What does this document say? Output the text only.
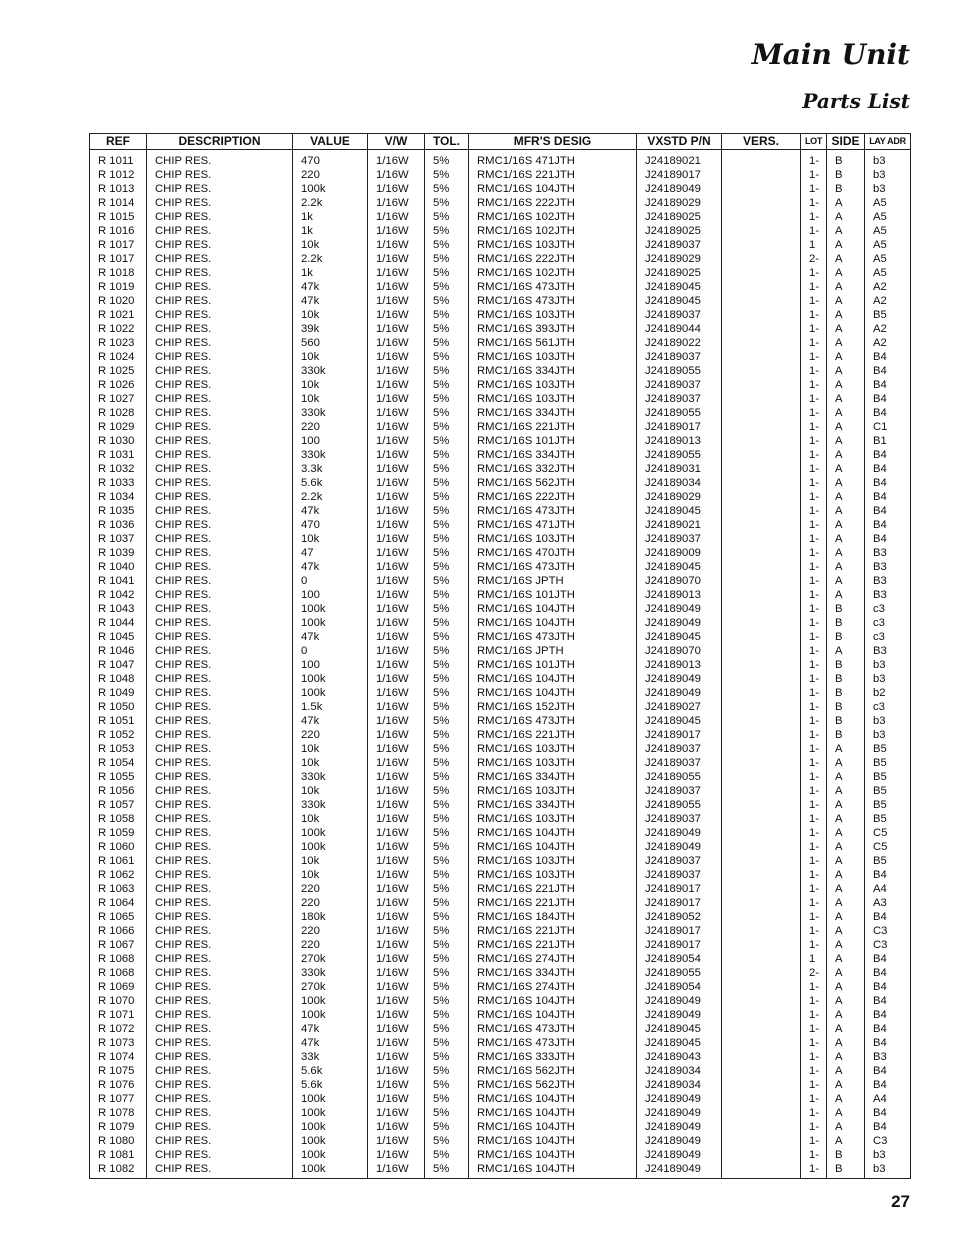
Main Unit
Parts List
REF	DESCRIPTION	VALUE	V/W	TOL.	MFR'S DESIG	VXSTD P/N	VERS.	LOT	SIDE	LAY ADR
R 1011	CHIP RES.	470	1/16W	5%	RMC1/16S 471JTH	J24189021		1-	B	b3
R 1012	CHIP RES.	220	1/16W	5%	RMC1/16S 221JTH	J24189017		1-	B	b3
R 1013	CHIP RES.	100k	1/16W	5%	RMC1/16S 104JTH	J24189049		1-	B	b3
R 1014	CHIP RES.	2.2k	1/16W	5%	RMC1/16S 222JTH	J24189029		1-	A	A5
R 1015	CHIP RES.	1k	1/16W	5%	RMC1/16S 102JTH	J24189025		1-	A	A5
R 1016	CHIP RES.	1k	1/16W	5%	RMC1/16S 102JTH	J24189025		1-	A	A5
R 1017	CHIP RES.	10k	1/16W	5%	RMC1/16S 103JTH	J24189037		1	A	A5
R 1017	CHIP RES.	2.2k	1/16W	5%	RMC1/16S 222JTH	J24189029		2-	A	A5
R 1018	CHIP RES.	1k	1/16W	5%	RMC1/16S 102JTH	J24189025		1-	A	A5
R 1019	CHIP RES.	47k	1/16W	5%	RMC1/16S 473JTH	J24189045		1-	A	A2
R 1020	CHIP RES.	47k	1/16W	5%	RMC1/16S 473JTH	J24189045		1-	A	A2
R 1021	CHIP RES.	10k	1/16W	5%	RMC1/16S 103JTH	J24189037		1-	A	B5
R 1022	CHIP RES.	39k	1/16W	5%	RMC1/16S 393JTH	J24189044		1-	A	A2
R 1023	CHIP RES.	560	1/16W	5%	RMC1/16S 561JTH	J24189022		1-	A	A2
R 1024	CHIP RES.	10k	1/16W	5%	RMC1/16S 103JTH	J24189037		1-	A	B4
R 1025	CHIP RES.	330k	1/16W	5%	RMC1/16S 334JTH	J24189055		1-	A	B4
R 1026	CHIP RES.	10k	1/16W	5%	RMC1/16S 103JTH	J24189037		1-	A	B4
R 1027	CHIP RES.	10k	1/16W	5%	RMC1/16S 103JTH	J24189037		1-	A	B4
R 1028	CHIP RES.	330k	1/16W	5%	RMC1/16S 334JTH	J24189055		1-	A	B4
R 1029	CHIP RES.	220	1/16W	5%	RMC1/16S 221JTH	J24189017		1-	A	C1
R 1030	CHIP RES.	100	1/16W	5%	RMC1/16S 101JTH	J24189013		1-	A	B1
R 1031	CHIP RES.	330k	1/16W	5%	RMC1/16S 334JTH	J24189055		1-	A	B4
R 1032	CHIP RES.	3.3k	1/16W	5%	RMC1/16S 332JTH	J24189031		1-	A	B4
R 1033	CHIP RES.	5.6k	1/16W	5%	RMC1/16S 562JTH	J24189034		1-	A	B4
R 1034	CHIP RES.	2.2k	1/16W	5%	RMC1/16S 222JTH	J24189029		1-	A	B4
R 1035	CHIP RES.	47k	1/16W	5%	RMC1/16S 473JTH	J24189045		1-	A	B4
R 1036	CHIP RES.	470	1/16W	5%	RMC1/16S 471JTH	J24189021		1-	A	B4
R 1037	CHIP RES.	10k	1/16W	5%	RMC1/16S 103JTH	J24189037		1-	A	B4
R 1039	CHIP RES.	47	1/16W	5%	RMC1/16S 470JTH	J24189009		1-	A	B3
R 1040	CHIP RES.	47k	1/16W	5%	RMC1/16S 473JTH	J24189045		1-	A	B3
R 1041	CHIP RES.	0	1/16W	5%	RMC1/16S JPTH	J24189070		1-	A	B3
R 1042	CHIP RES.	100	1/16W	5%	RMC1/16S 101JTH	J24189013		1-	A	B3
R 1043	CHIP RES.	100k	1/16W	5%	RMC1/16S 104JTH	J24189049		1-	B	c3
R 1044	CHIP RES.	100k	1/16W	5%	RMC1/16S 104JTH	J24189049		1-	B	c3
R 1045	CHIP RES.	47k	1/16W	5%	RMC1/16S 473JTH	J24189045		1-	B	c3
R 1046	CHIP RES.	0	1/16W	5%	RMC1/16S JPTH	J24189070		1-	A	B3
R 1047	CHIP RES.	100	1/16W	5%	RMC1/16S 101JTH	J24189013		1-	B	b3
R 1048	CHIP RES.	100k	1/16W	5%	RMC1/16S 104JTH	J24189049		1-	B	b3
R 1049	CHIP RES.	100k	1/16W	5%	RMC1/16S 104JTH	J24189049		1-	B	b2
R 1050	CHIP RES.	1.5k	1/16W	5%	RMC1/16S 152JTH	J24189027		1-	B	c3
R 1051	CHIP RES.	47k	1/16W	5%	RMC1/16S 473JTH	J24189045		1-	B	b3
R 1052	CHIP RES.	220	1/16W	5%	RMC1/16S 221JTH	J24189017		1-	B	b3
R 1053	CHIP RES.	10k	1/16W	5%	RMC1/16S 103JTH	J24189037		1-	A	B5
R 1054	CHIP RES.	10k	1/16W	5%	RMC1/16S 103JTH	J24189037		1-	A	B5
R 1055	CHIP RES.	330k	1/16W	5%	RMC1/16S 334JTH	J24189055		1-	A	B5
R 1056	CHIP RES.	10k	1/16W	5%	RMC1/16S 103JTH	J24189037		1-	A	B5
R 1057	CHIP RES.	330k	1/16W	5%	RMC1/16S 334JTH	J24189055		1-	A	B5
R 1058	CHIP RES.	10k	1/16W	5%	RMC1/16S 103JTH	J24189037		1-	A	B5
R 1059	CHIP RES.	100k	1/16W	5%	RMC1/16S 104JTH	J24189049		1-	A	C5
R 1060	CHIP RES.	100k	1/16W	5%	RMC1/16S 104JTH	J24189049		1-	A	C5
R 1061	CHIP RES.	10k	1/16W	5%	RMC1/16S 103JTH	J24189037		1-	A	B5
R 1062	CHIP RES.	10k	1/16W	5%	RMC1/16S 103JTH	J24189037		1-	A	B4
R 1063	CHIP RES.	220	1/16W	5%	RMC1/16S 221JTH	J24189017		1-	A	A4
R 1064	CHIP RES.	220	1/16W	5%	RMC1/16S 221JTH	J24189017		1-	A	A3
R 1065	CHIP RES.	180k	1/16W	5%	RMC1/16S 184JTH	J24189052		1-	A	B4
R 1066	CHIP RES.	220	1/16W	5%	RMC1/16S 221JTH	J24189017		1-	A	C3
R 1067	CHIP RES.	220	1/16W	5%	RMC1/16S 221JTH	J24189017		1-	A	C3
R 1068	CHIP RES.	270k	1/16W	5%	RMC1/16S 274JTH	J24189054		1	A	B4
R 1068	CHIP RES.	330k	1/16W	5%	RMC1/16S 334JTH	J24189055		2-	A	B4
R 1069	CHIP RES.	270k	1/16W	5%	RMC1/16S 274JTH	J24189054		1-	A	B4
R 1070	CHIP RES.	100k	1/16W	5%	RMC1/16S 104JTH	J24189049		1-	A	B4
R 1071	CHIP RES.	100k	1/16W	5%	RMC1/16S 104JTH	J24189049		1-	A	B4
R 1072	CHIP RES.	47k	1/16W	5%	RMC1/16S 473JTH	J24189045		1-	A	B4
R 1073	CHIP RES.	47k	1/16W	5%	RMC1/16S 473JTH	J24189045		1-	A	B4
R 1074	CHIP RES.	33k	1/16W	5%	RMC1/16S 333JTH	J24189043		1-	A	B3
R 1075	CHIP RES.	5.6k	1/16W	5%	RMC1/16S 562JTH	J24189034		1-	A	B4
R 1076	CHIP RES.	5.6k	1/16W	5%	RMC1/16S 562JTH	J24189034		1-	A	B4
R 1077	CHIP RES.	100k	1/16W	5%	RMC1/16S 104JTH	J24189049		1-	A	A4
R 1078	CHIP RES.	100k	1/16W	5%	RMC1/16S 104JTH	J24189049		1-	A	B4
R 1079	CHIP RES.	100k	1/16W	5%	RMC1/16S 104JTH	J24189049		1-	A	B4
R 1080	CHIP RES.	100k	1/16W	5%	RMC1/16S 104JTH	J24189049		1-	A	C3
R 1081	CHIP RES.	100k	1/16W	5%	RMC1/16S 104JTH	J24189049		1-	B	b3
R 1082	CHIP RES.	100k	1/16W	5%	RMC1/16S 104JTH	J24189049		1-	B	b3

27
